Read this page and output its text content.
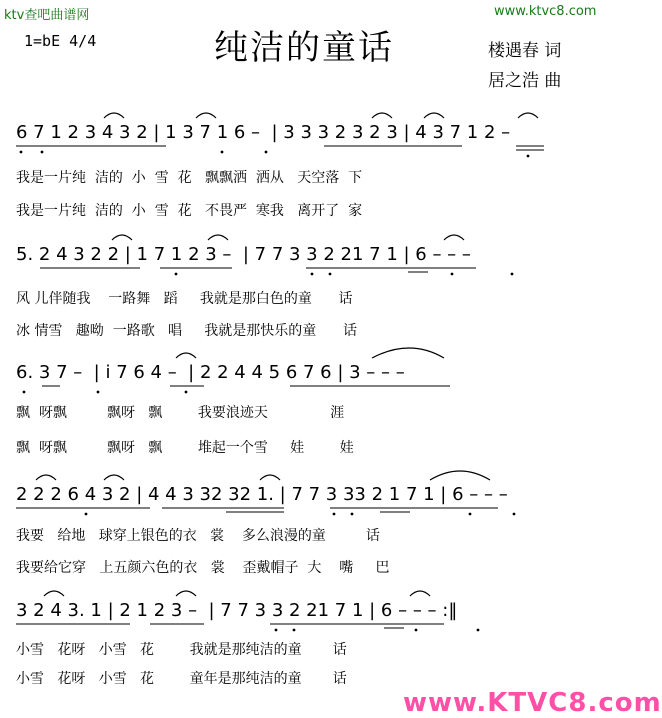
ktv查吧曲谱网	www.ktvc8.com
1=bE 4/4	纯洁的童话	楼遇春 词
居之浩 曲
6 7 1 2 3 4 3 2 | 1 3 7 1 6 –  | 3 3 3 2 3 2 3 | 4 3 7 1 2 –
我是一片纯  洁的  小  雪  花   飘飘洒  洒从   天空落  下
我是一片纯  洁的  小  雪  花   不畏严  寒我   离开了  家
5. 2 4 3 2 2 | 1 7 1 2 3 –  | 7 7 3 3 2 21 7 1 | 6 – – –
风 儿伴随我    一路舞   蹈     我就是那白色的童      话
冰 情雪   趣呦  一路歌   唱     我就是那快乐的童      话
6. 3 7 –  | i 7 6 4 –  | 2 2 4 4 5 6 7 6 | 3 – – –
飘  呀飘         飘呀   飘        我要浪迹天              涯
飘  呀飘         飘呀   飘        堆起一个雪     娃        娃
2 2 2 6 4 3 2 | 4 4 3 32 32 1. | 7 7 3 33 2 1 7 1 | 6 – – –
我要   给地   球穿上银色的衣   裳    多么浪漫的童         话
我要给它穿   上五颜六色的衣   裳    歪戴帽子  大    嘴     巴
3 2 4 3. 1 | 2 1 2 3 –  | 7 7 3 3 2 21 7 1 | 6 – – – :‖
小雪   花呀   小雪   花        我就是那纯洁的童       话
小雪   花呀   小雪   花        童年是那纯洁的童       话
www.KTVC8.com
